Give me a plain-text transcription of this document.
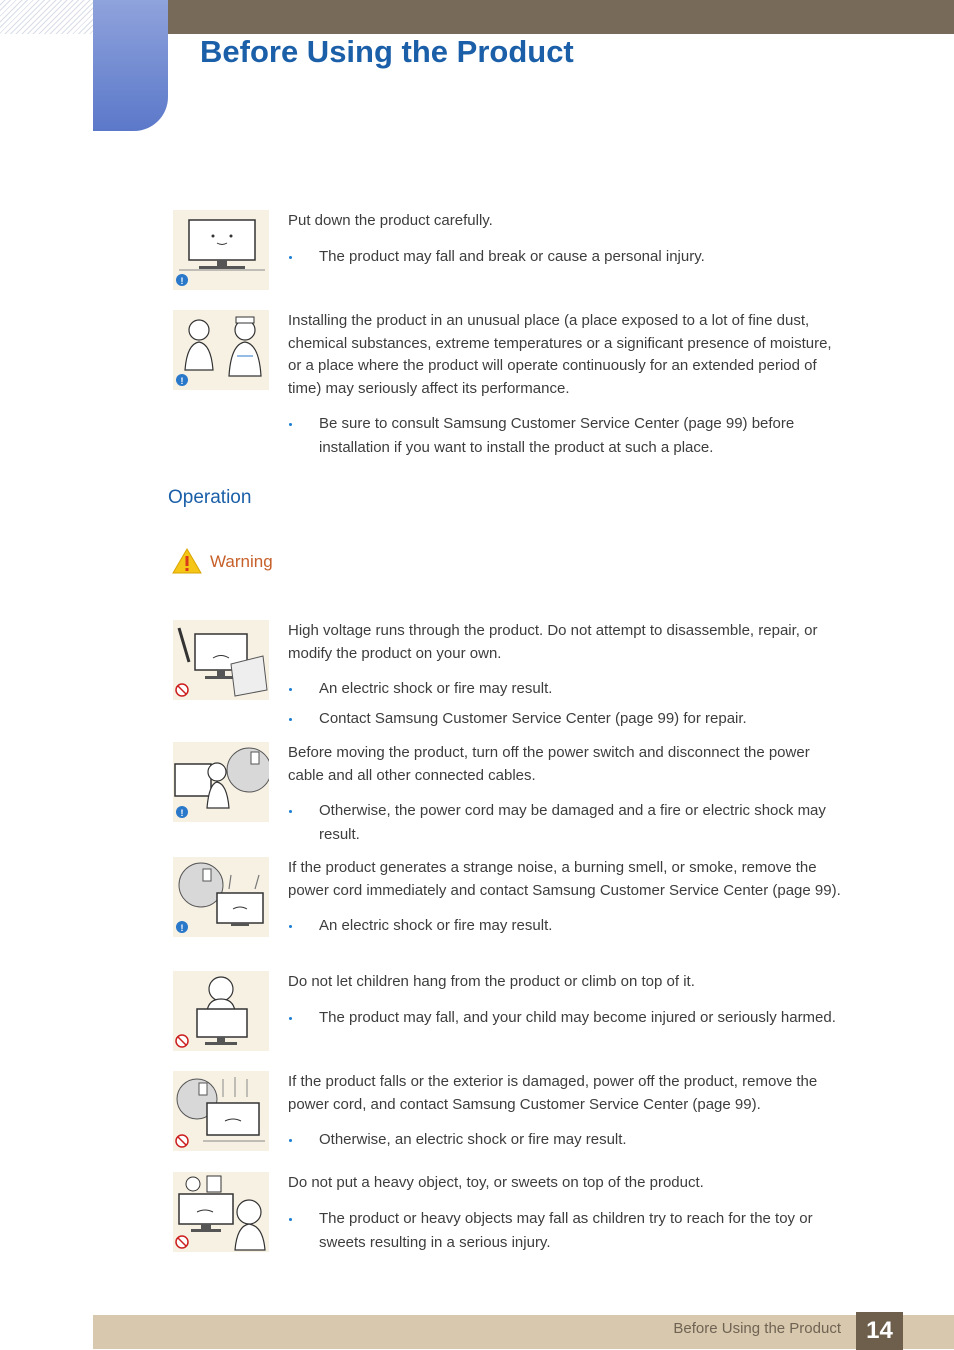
Before Using the Product
!

Put down the product carefully.

The product may fall and break or cause a personal injury.
!

Installing the product in an unusual place (a place exposed to a lot of fine dust, chemical substances, extreme temperatures or a significant presence of moisture, or a place where the product will operate continuously for an extended period of time) may seriously affect its performance.

Be sure to consult Samsung Customer Service Center (page 99) before installation if you want to install the product at such a place.
Operation
Warning

High voltage runs through the product. Do not attempt to disassemble, repair, or modify the product on your own.

An electric shock or fire may result.
Contact Samsung Customer Service Center (page 99) for repair.
!

Before moving the product, turn off the power switch and disconnect the power cable and all other connected cables.

Otherwise, the power cord may be damaged and a fire or electric shock may result.
!

If the product generates a strange noise, a burning smell, or smoke, remove the power cord immediately and contact Samsung Customer Service Center (page 99).

An electric shock or fire may result.

Do not let children hang from the product or climb on top of it.

The product may fall, and your child may become injured or seriously harmed.

If the product falls or the exterior is damaged, power off the product, remove the power cord, and contact Samsung Customer Service Center (page 99).

Otherwise, an electric shock or fire may result.

Do not put a heavy object, toy, or sweets on top of the product.

The product or heavy objects may fall as children try to reach for the toy or sweets resulting in a serious injury.
Before Using the Product	14
